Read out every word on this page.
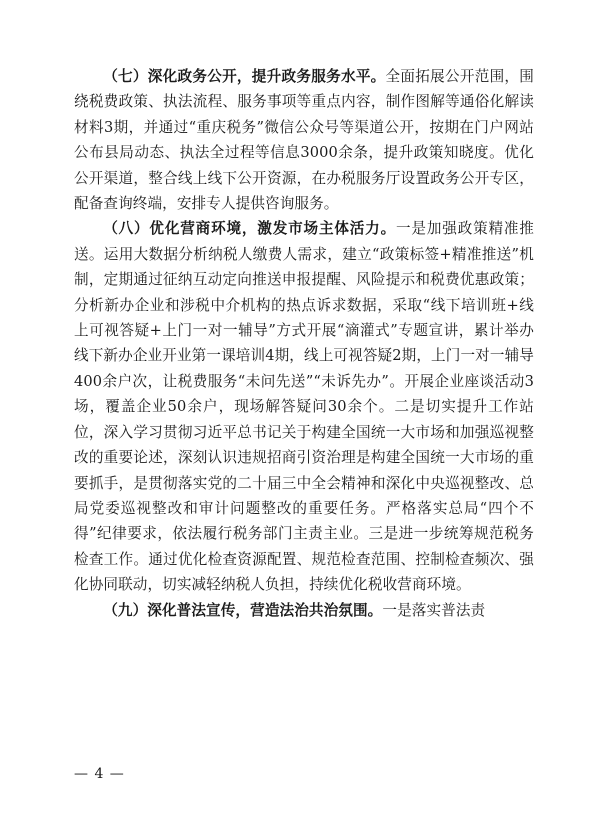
（七）深化政务公开，提升政务服务水平。全面拓展公开范围，围绕税费政策、执法流程、服务事项等重点内容，制作图解等通俗化解读材料3期，并通过“重庆税务”微信公众号等渠道公开，按期在门户网站公布县局动态、执法全过程等信息3000余条，提升政策知晓度。优化公开渠道，整合线上线下公开资源，在办税服务厅设置政务公开专区，配备查询终端，安排专人提供咨询服务。

（八）优化营商环境，激发市场主体活力。一是加强政策精准推送。运用大数据分析纳税人缴费人需求，建立“政策标签+精准推送”机制，定期通过征纳互动定向推送申报提醒、风险提示和税费优惠政策；分析新办企业和涉税中介机构的热点诉求数据，采取“线下培训班+线上可视答疑+上门一对一辅导”方式开展“滴灌式”专题宣讲，累计举办线下新办企业开业第一课培训4期，线上可视答疑2期，上门一对一辅导400余户次，让税费服务“未问先送”“未诉先办”。开展企业座谈活动3场，覆盖企业50余户，现场解答疑问30余个。二是切实提升工作站位，深入学习贯彻习近平总书记关于构建全国统一大市场和加强巡视整改的重要论述，深刻认识违规招商引资治理是构建全国统一大市场的重要抓手，是贯彻落实党的二十届三中全会精神和深化中央巡视整改、总局党委巡视整改和审计问题整改的重要任务。严格落实总局“四个不得”纪律要求，依法履行税务部门主责主业。三是进一步统筹规范税务检查工作。通过优化检查资源配置、规范检查范围、控制检查频次、强化协同联动，切实减轻纳税人负担，持续优化税收营商环境。

（九）深化普法宣传，营造法治共治氛围。一是落实普法责

— 4 —
